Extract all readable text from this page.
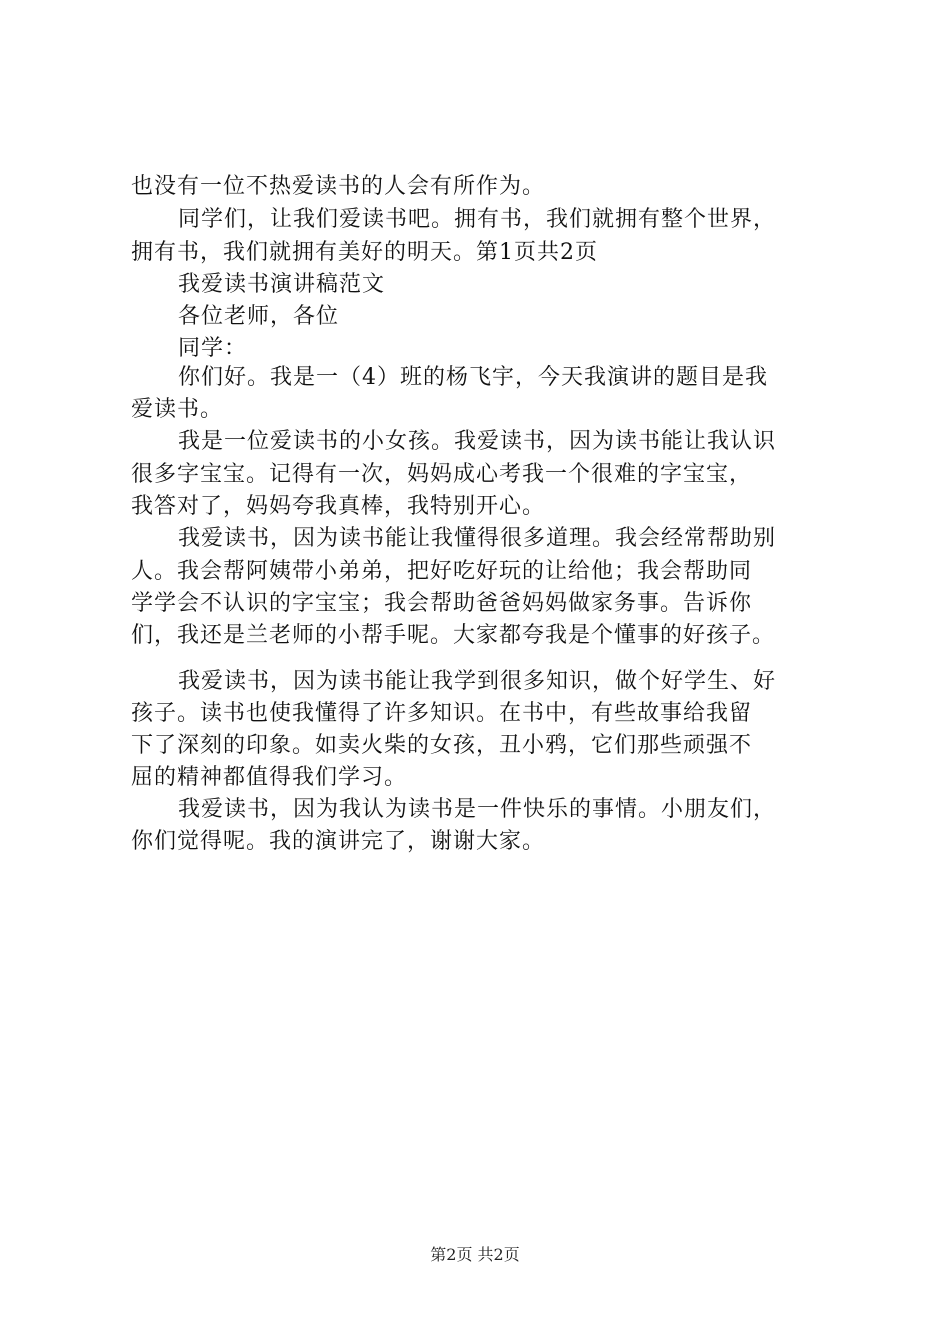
也没有一位不热爱读书的人会有所作为。
同学们，让我们爱读书吧。拥有书，我们就拥有整个世界，
拥有书，我们就拥有美好的明天。第1页共2页
我爱读书演讲稿范文
各位老师，各位
同学：
你们好。我是一（4）班的杨飞宇，今天我演讲的题目是我
爱读书。
我是一位爱读书的小女孩。我爱读书，因为读书能让我认识
很多字宝宝。记得有一次，妈妈成心考我一个很难的字宝宝，
我答对了，妈妈夸我真棒，我特别开心。
我爱读书，因为读书能让我懂得很多道理。我会经常帮助别
人。我会帮阿姨带小弟弟，把好吃好玩的让给他；我会帮助同
学学会不认识的字宝宝；我会帮助爸爸妈妈做家务事。告诉你
们，我还是兰老师的小帮手呢。大家都夸我是个懂事的好孩子。
我爱读书，因为读书能让我学到很多知识，做个好学生、好
孩子。读书也使我懂得了许多知识。在书中，有些故事给我留
下了深刻的印象。如卖火柴的女孩，丑小鸦，它们那些顽强不
屈的精神都值得我们学习。
我爱读书，因为我认为读书是一件快乐的事情。小朋友们，
你们觉得呢。我的演讲完了，谢谢大家。
第2页 共2页
